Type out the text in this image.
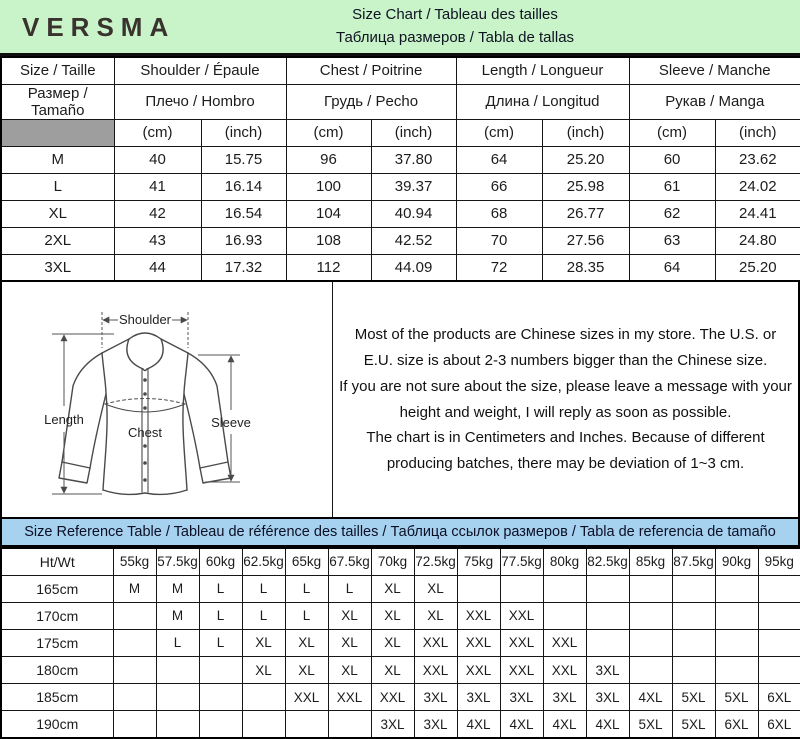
VERSMA	Size Chart / Tableau des tailles
Таблица размеров / Tabla de tallas
Size / Taille	Shoulder / Épaule		Chest / Poitrine		Length / Longueur		Sleeve / Manche	
Размер / Tamaño	Плечо / Hombro		Грудь / Pecho		Длина / Longitud		Рукав / Manga	
	(cm)	(inch)	(cm)	(inch)	(cm)	(inch)	(cm)	(inch)
M	40	15.75	96	37.80	64	25.20	60	23.62
L	41	16.14	100	39.37	66	25.98	61	24.02
XL	42	16.54	104	40.94	68	26.77	62	24.41
2XL	43	16.93	108	42.52	70	27.56	63	24.80
3XL	44	17.32	112	44.09	72	28.35	64	25.20
Shoulder
Length
Chest
Sleeve
Most of the products are Chinese sizes in my store. The U.S. or E.U. size is about 2-3 numbers bigger than the Chinese size.
If you are not sure about the size, please leave a message with your height and weight, I will reply as soon as possible.
The chart is in Centimeters and Inches. Because of different producing batches, there may be deviation of 1~3 cm.
Size Reference Table / Tableau de référence des tailles / Таблица ссылок размеров / Tabla de referencia de tamaño
Ht/Wt	55kg	57.5kg	60kg	62.5kg	65kg	67.5kg	70kg	72.5kg	75kg	77.5kg	80kg	82.5kg	85kg	87.5kg	90kg	95kg
165cm	M	M	L	L	L	L	XL	XL								
170cm		M	L	L	L	XL	XL	XL	XXL	XXL						
175cm		L	L	XL	XL	XL	XL	XXL	XXL	XXL	XXL					
180cm				XL	XL	XL	XL	XXL	XXL	XXL	XXL	3XL				
185cm					XXL	XXL	XXL	3XL	3XL	3XL	3XL	3XL	4XL	5XL	5XL	6XL
190cm							3XL	3XL	4XL	4XL	4XL	4XL	5XL	5XL	6XL	6XL
